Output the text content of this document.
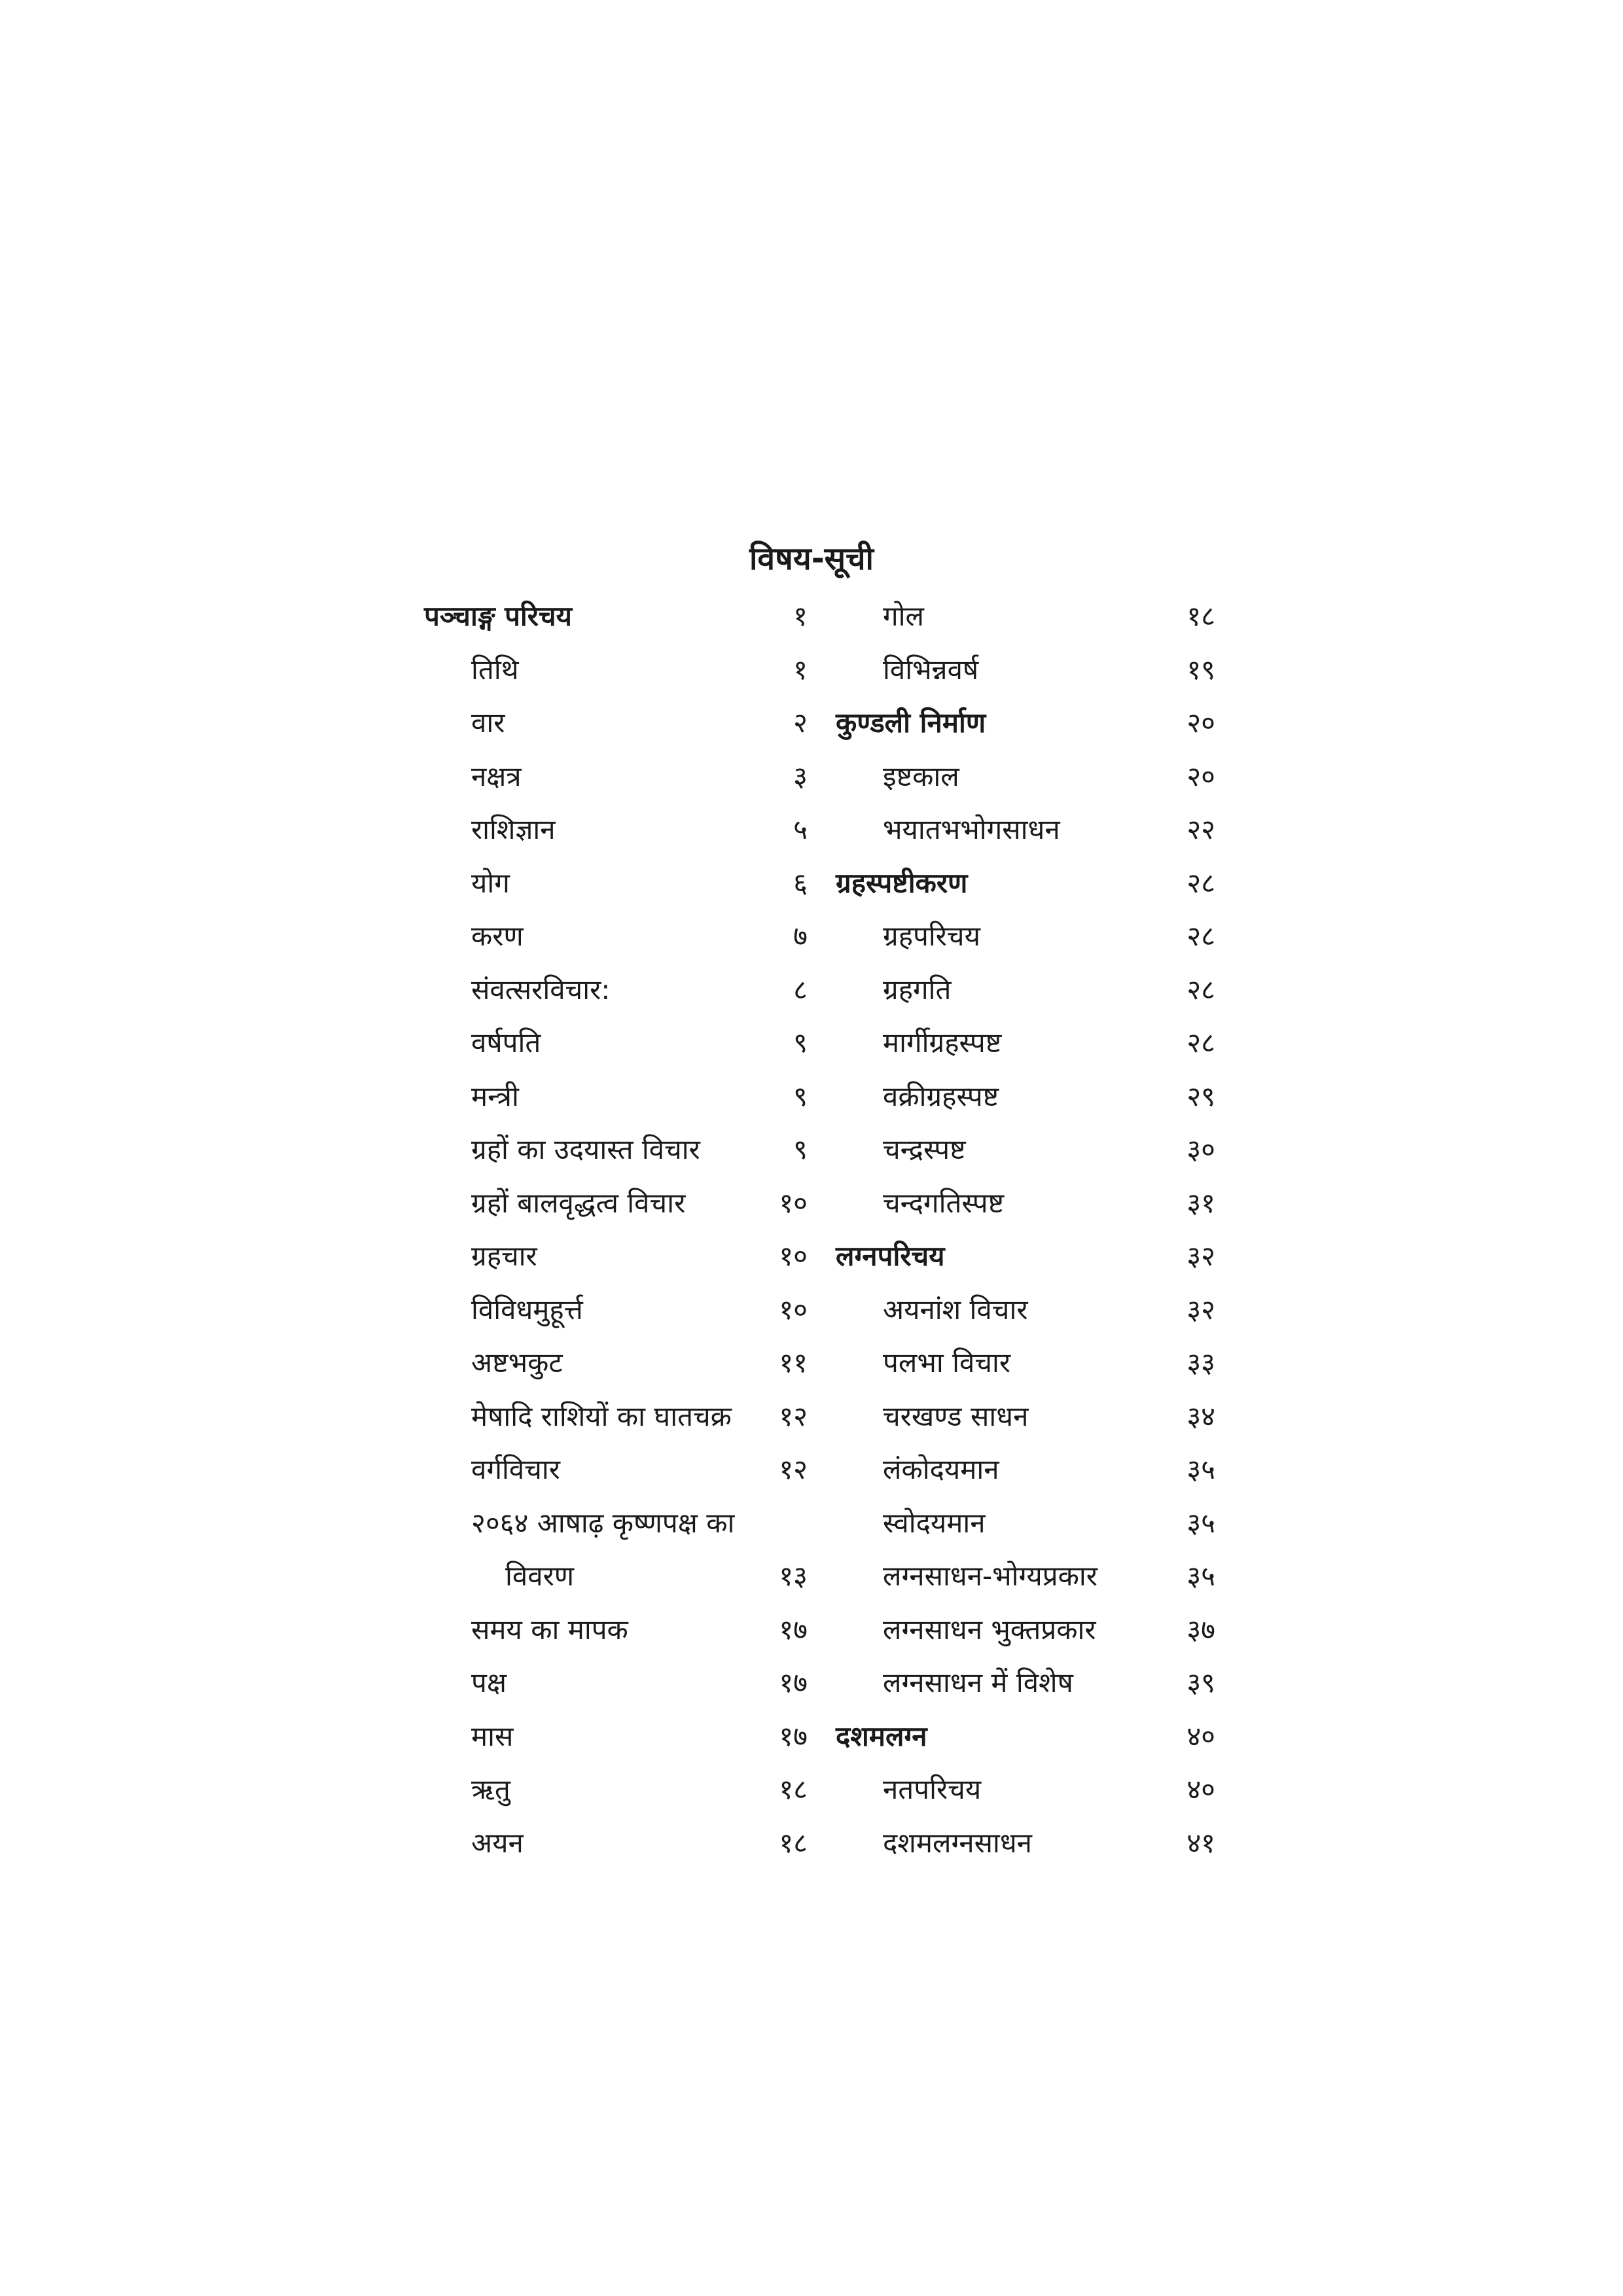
विषय-सूची
पञ्चाङ्ग परिचय	१
तिथि	१
वार	२
नक्षत्र	३
राशिज्ञान	५
योग	६
करण	७
संवत्सरविचार:	८
वर्षपति	९
मन्त्री	९
ग्रहों का उदयास्त विचार	९
ग्रहों बालवृद्धत्व विचार	१०
ग्रहचार	१०
विविधमुहूर्त्त	१०
अष्टभकुट	११
मेषादि राशियों का घातचक्र	१२
वर्गविचार	१२
२०६४ आषाढ़ कृष्णपक्ष का
विवरण	१३
समय का मापक	१७
पक्ष	१७
मास	१७
ऋतु	१८
अयन	१८
गोल	१८
विभिन्नवर्ष	१९
कुण्डली निर्माण	२०
इष्टकाल	२०
भयातभभोगसाधन	२२
ग्रहस्पष्टीकरण	२८
ग्रहपरिचय	२८
ग्रहगति	२८
मार्गीग्रहस्पष्ट	२८
वक्रीग्रहस्पष्ट	२९
चन्द्रस्पष्ट	३०
चन्दगतिस्पष्ट	३१
लग्नपरिचय	३२
अयनांश विचार	३२
पलभा विचार	३३
चरखण्ड साधन	३४
लंकोदयमान	३५
स्वोदयमान	३५
लग्नसाधन-भोग्यप्रकार	३५
लग्नसाधन भुक्तप्रकार	३७
लग्नसाधन में विशेष	३९
दशमलग्न	४०
नतपरिचय	४०
दशमलग्नसाधन	४१
